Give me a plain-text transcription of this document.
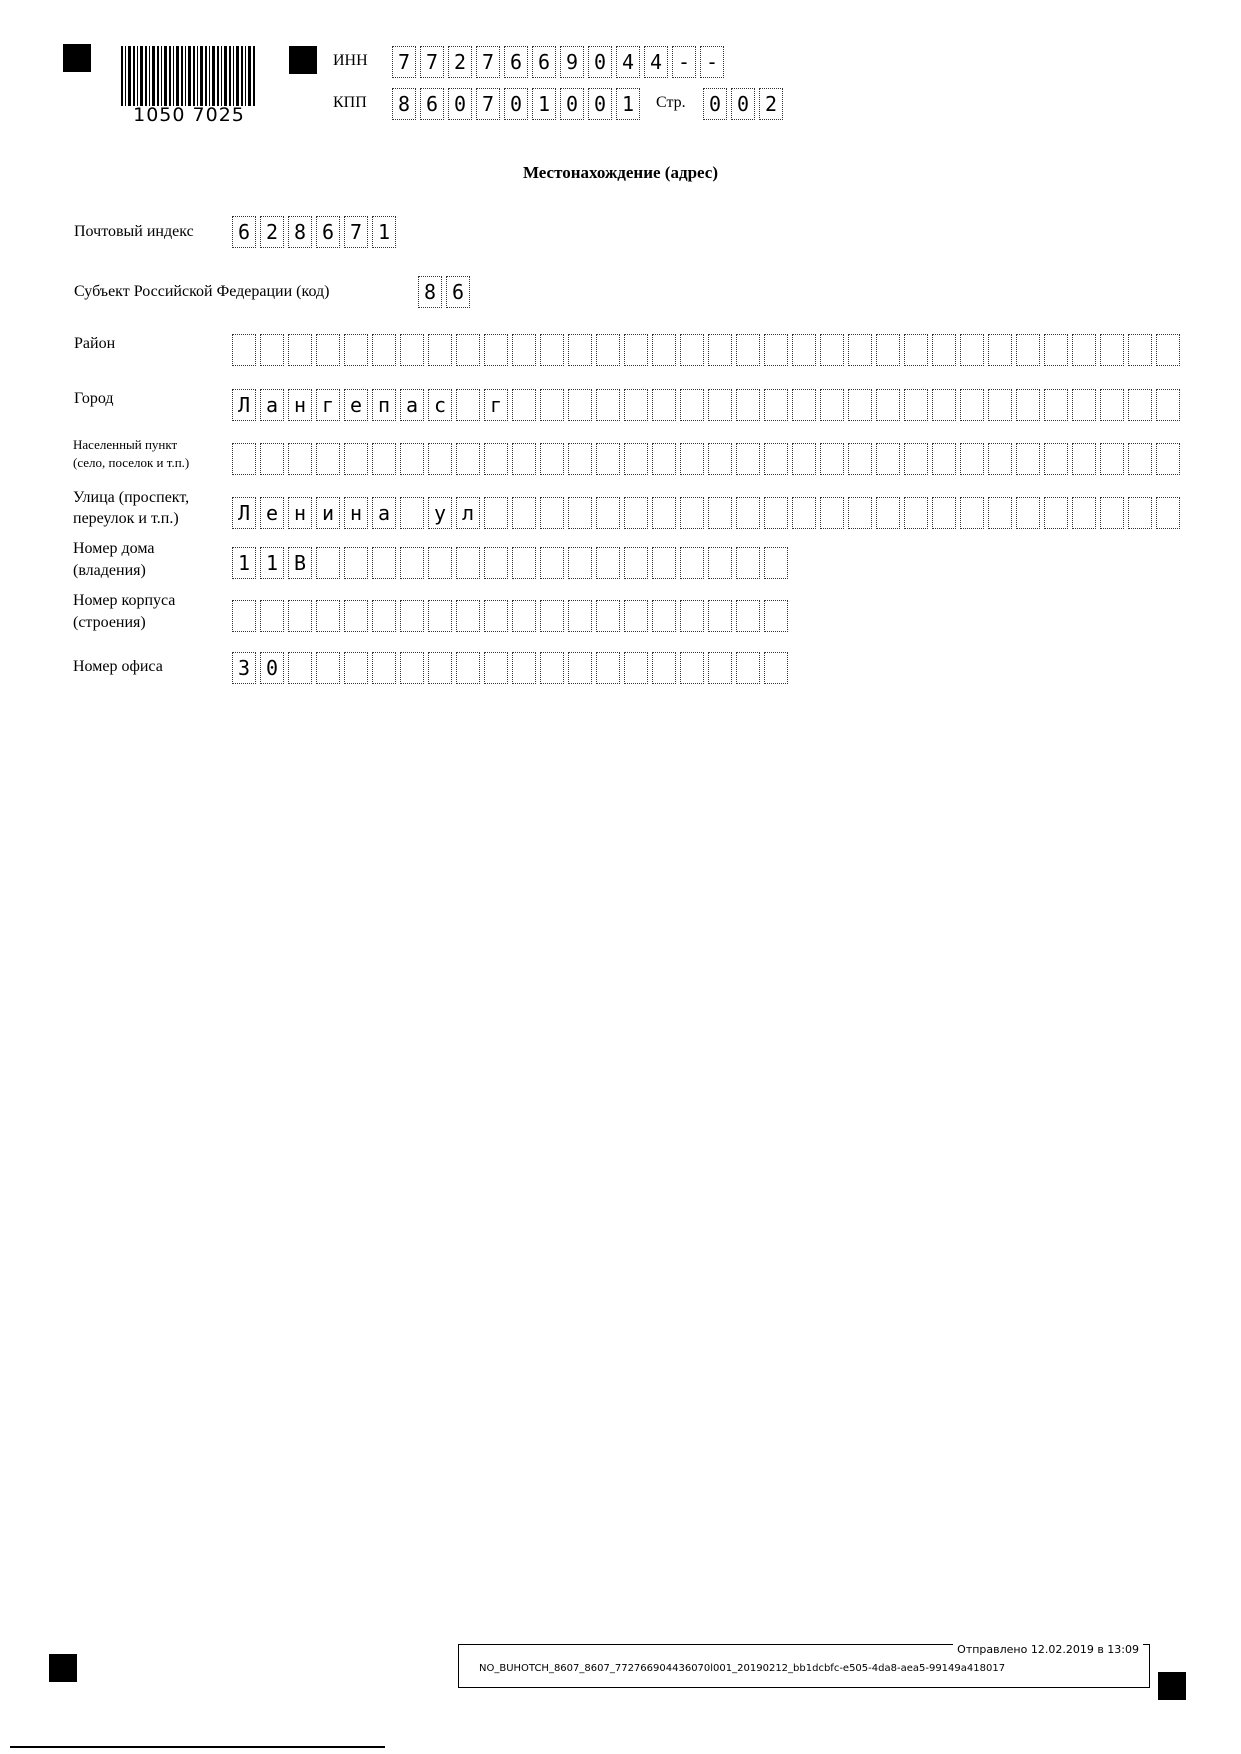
1050 7025
ИНН 7 7 2 7 6 6 9 0 4 4 - -
КПП 8 6 0 7 0 1 0 0 1	Стр. 0 0 2
Местонахождение (адрес)
Почтовый индекс 6 2 8 6 7 1
Субъект Российской Федерации (код)	8 6
Район
Город	Л а н г е п а с г
Населенный пункт
(село, поселок и т.п.)
Улица (проспект,
переулок и т.п.)	Л е н и н а у л
Номер дома
(владения)	1 1 В
Номер корпуса
(строения)
Номер офиса	3 0
Отправлено 12.02.2019 в 13:09
NO_BUHOTCH_8607_8607_772766904436070l001_20190212_bb1dcbfc-e505-4da8-aea5-99149a418017
